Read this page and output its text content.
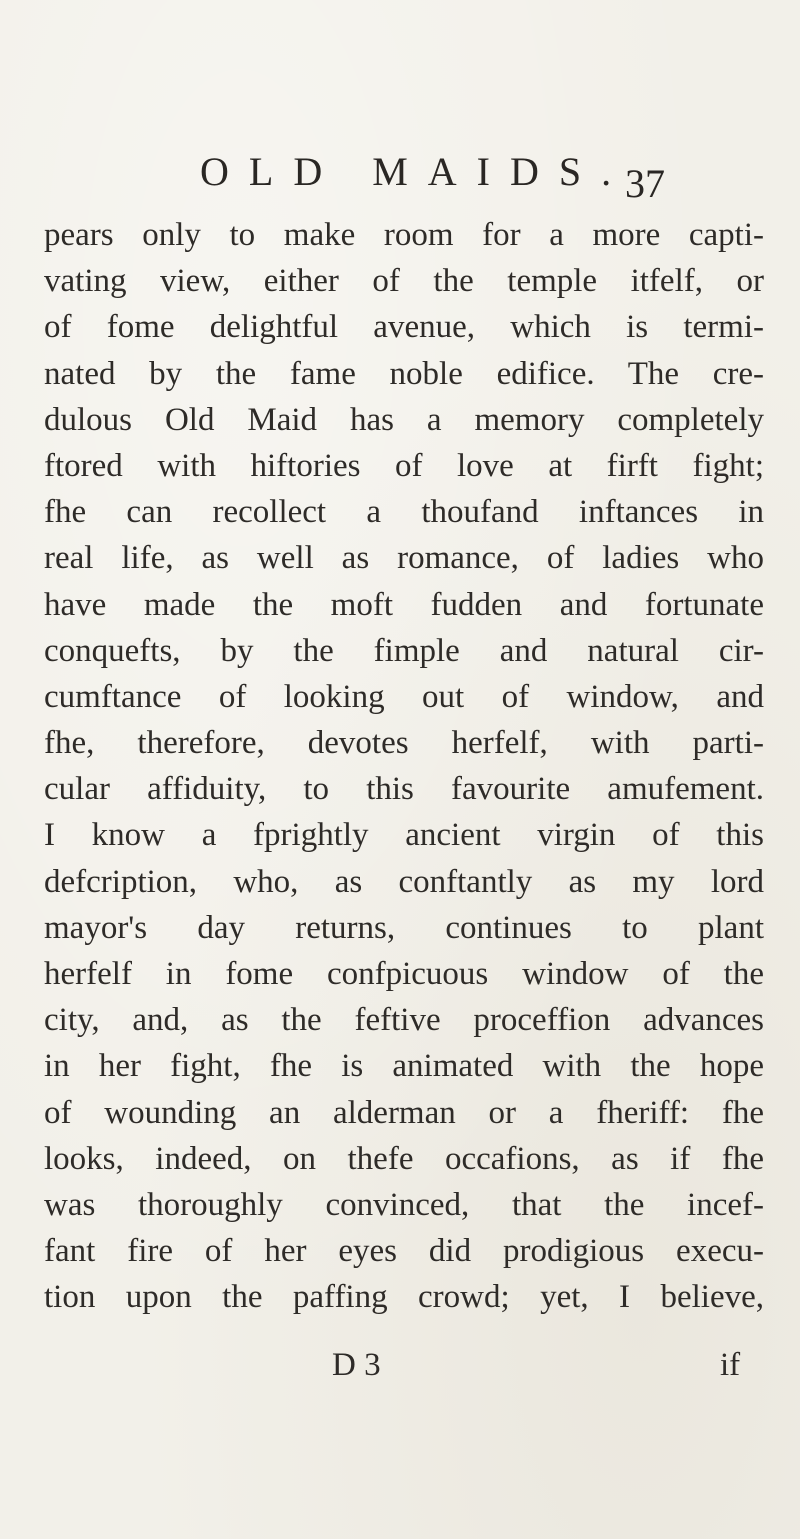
OLD MAIDS.
37
pears only to make room for a more capti-
vating view, either of the temple itfelf, or
of fome delightful avenue, which is termi-
nated by the fame noble edifice. The cre-
dulous Old Maid has a memory completely
ftored with hiftories of love at firft fight;
fhe can recollect a thoufand inftances in
real life, as well as romance, of ladies who
have made the moft fudden and fortunate
conquefts, by the fimple and natural cir-
cumftance of looking out of window, and
fhe, therefore, devotes herfelf, with parti-
cular affiduity, to this favourite amufement.
I know a fprightly ancient virgin of this
defcription, who, as conftantly as my lord
mayor's day returns, continues to plant
herfelf in fome confpicuous window of the
city, and, as the feftive proceffion advances
in her fight, fhe is animated with the hope
of wounding an alderman or a fheriff: fhe
looks, indeed, on thefe occafions, as if fhe
was thoroughly convinced, that the incef-
fant fire of her eyes did prodigious execu-
tion upon the paffing crowd; yet, I believe,
D 3	if
